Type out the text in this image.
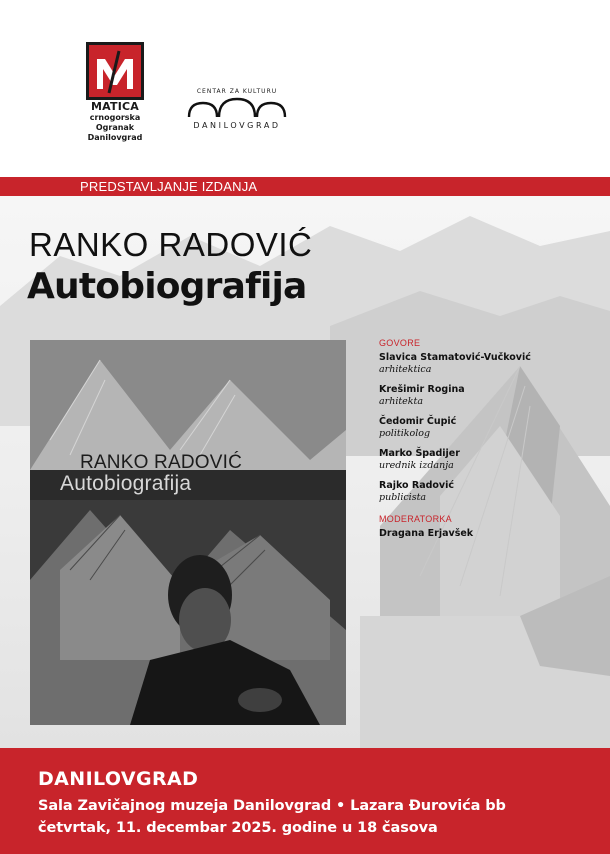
MATICA
crnogorska
Ogranak
Danilovgrad
CENTAR ZA KULTURU
DANILOVGRAD
PREDSTAVLJANJE IZDANJA
RANKO RADOVIĆ
Autobiografija
RANKO RADOVIĆ
Autobiografija
GOVORE
Slavica Stamatović-Vučković
arhitektica
Krešimir Rogina
arhitekta
Čedomir Čupić
politikolog
Marko Špadijer
urednik izdanja
Rajko Radović
publicista
MODERATORKA
Dragana Erjavšek
DANILOVGRAD
Sala Zavičajnog muzeja Danilovgrad • Lazara Đurovića bb
četvrtak, 11. decembar 2025. godine u 18 časova
